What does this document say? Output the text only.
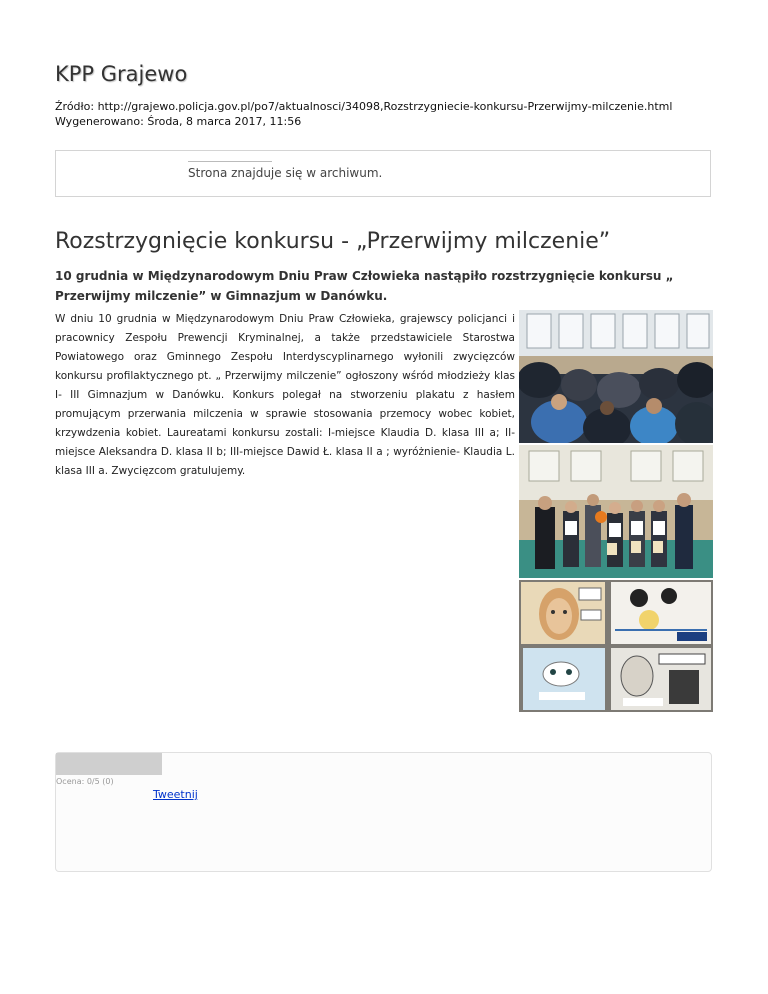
KPP Grajewo
Źródło: http://grajewo.policja.gov.pl/po7/aktualnosci/34098,Rozstrzygniecie-konkursu-Przerwijmy-milczenie.html
Wygenerowano: Środa, 8 marca 2017, 11:56
Strona znajduje się w archiwum.
Rozstrzygnięcie konkursu - „Przerwijmy milczenie”

10 grudnia w Międzynarodowym Dniu Praw Człowieka nastąpiło rozstrzygnięcie konkursu „ Przerwijmy milczenie” w Gimnazjum w Danówku.

W dniu 10 grudnia w Międzynarodowym Dniu Praw Człowieka, grajewscy policjanci i pracownicy Zespołu Prewencji Kryminalnej, a także przedstawiciele Starostwa Powiatowego oraz Gminnego Zespołu Interdyscyplinarnego wyłonili zwycięzców konkursu profilaktycznego pt. „ Przerwijmy milczenie” ogłoszony wśród młodzieży klas I- III Gimnazjum w Danówku. Konkurs polegał na stworzeniu plakatu z hasłem promującym przerwania milczenia w sprawie stosowania przemocy wobec kobiet, krzywdzenia kobiet. Laureatami konkursu zostali: I-miejsce Klaudia D. klasa III a; II-miejsce Aleksandra D. klasa II b; III-miejsce Dawid Ł. klasa II a ; wyróżnienie- Klaudia L. klasa III a. Zwycięzcom gratulujemy.

Ocena: 0/5 (0)
Tweetnij
